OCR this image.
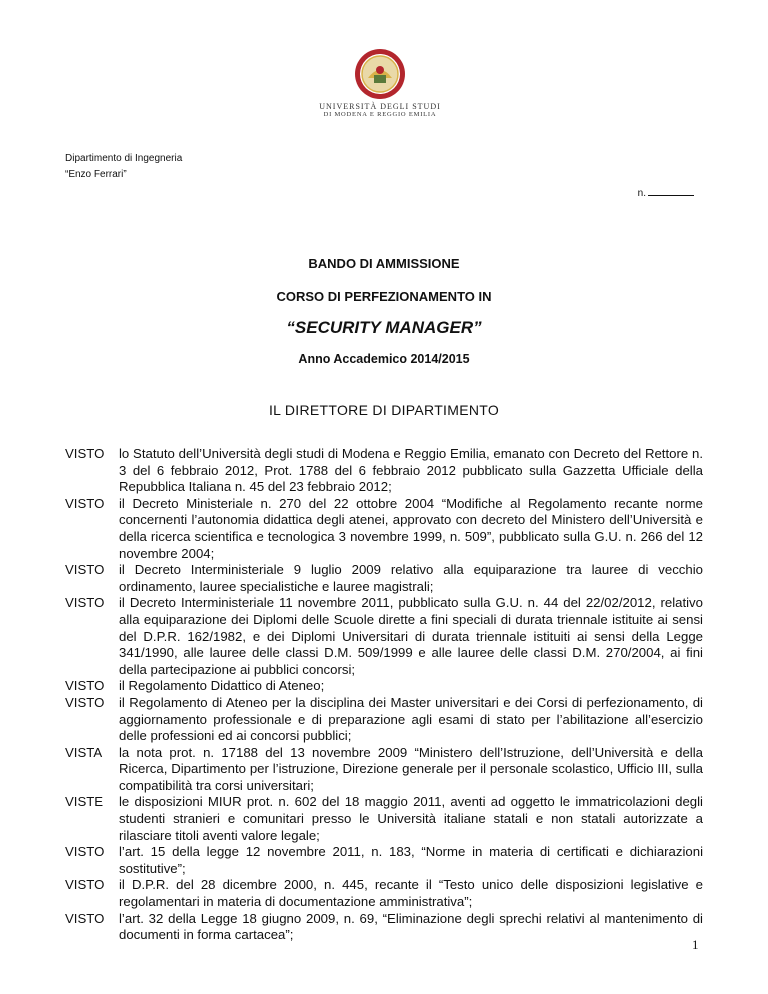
UNIVERSITÀ DEGLI STUDI
DI MODENA E REGGIO EMILIA
Dipartimento di Ingegneria
“Enzo Ferrari”
n.
BANDO DI AMMISSIONE
CORSO DI PERFEZIONAMENTO IN
“SECURITY MANAGER”
Anno Accademico 2014/2015
IL DIRETTORE DI DIPARTIMENTO
VISTO	lo Statuto dell’Università degli studi di Modena e Reggio Emilia, emanato con Decreto del Rettore n. 3 del 6 febbraio 2012, Prot. 1788 del 6 febbraio 2012 pubblicato sulla Gazzetta Ufficiale della Repubblica Italiana n. 45 del 23 febbraio 2012;
VISTO	il Decreto Ministeriale n. 270 del 22 ottobre 2004 “Modifiche al Regolamento recante norme concernenti l’autonomia didattica degli atenei, approvato con decreto del Ministero dell’Università e della ricerca scientifica e tecnologica 3 novembre 1999, n. 509”, pubblicato sulla G.U. n. 266 del 12 novembre 2004;
VISTO	il Decreto Interministeriale 9 luglio 2009 relativo alla equiparazione tra lauree di vecchio ordinamento, lauree specialistiche e lauree magistrali;
VISTO	il Decreto Interministeriale 11 novembre 2011, pubblicato sulla G.U. n. 44 del 22/02/2012, relativo alla equiparazione dei Diplomi delle Scuole dirette a fini speciali di durata triennale istituite ai sensi del D.P.R. 162/1982, e dei Diplomi Universitari di durata triennale istituiti ai sensi della Legge 341/1990, alle lauree delle classi D.M. 509/1999 e alle lauree delle classi D.M. 270/2004, ai fini della partecipazione ai pubblici concorsi;
VISTO	il Regolamento Didattico di Ateneo;
VISTO	il Regolamento di Ateneo per la disciplina dei Master universitari e dei Corsi di perfezionamento, di aggiornamento professionale e di preparazione agli esami di stato per l’abilitazione all’esercizio delle professioni ed ai concorsi pubblici;
VISTA	la nota prot. n. 17188 del 13 novembre 2009 “Ministero dell’Istruzione, dell’Università e della Ricerca, Dipartimento per l’istruzione, Direzione generale per il personale scolastico, Ufficio III, sulla compatibilità tra corsi universitari;
VISTE	le disposizioni MIUR prot. n. 602 del 18 maggio 2011, aventi ad oggetto le immatricolazioni degli studenti stranieri e comunitari presso le Università italiane statali e non statali autorizzate a rilasciare titoli aventi valore legale;
VISTO	l’art. 15 della legge 12 novembre 2011, n. 183, “Norme in materia di certificati e dichiarazioni sostitutive”;
VISTO	il D.P.R. del 28 dicembre 2000, n. 445, recante il “Testo unico delle disposizioni legislative e regolamentari in materia di documentazione amministrativa”;
VISTO	l’art. 32 della Legge 18 giugno 2009, n. 69, “Eliminazione degli sprechi relativi al mantenimento di documenti in forma cartacea”;
1
